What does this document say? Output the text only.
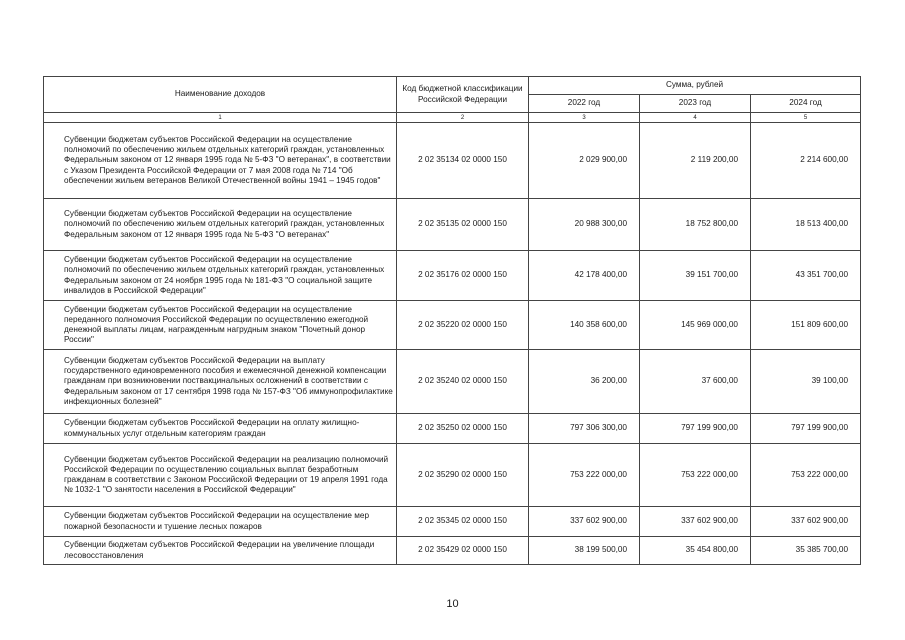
Наименование доходов	Код бюджетной классификации Российской Федерации	Сумма, рублей		
		2022 год	2023 год	2024 год
1	2	3	4	5
Субвенции бюджетам субъектов Российской Федерации на осуществление полномочий по обеспечению жильем отдельных категорий граждан, установленных Федеральным законом от 12 января 1995 года № 5-ФЗ "О ветеранах", в соответствии с Указом Президента Российской Федерации от 7 мая 2008 года № 714 "Об обеспечении жильем ветеранов Великой Отечественной войны 1941 – 1945 годов"	2 02 35134 02 0000 150	2 029 900,00	2 119 200,00	2 214 600,00
Субвенции бюджетам субъектов Российской Федерации на осуществление полномочий по обеспечению жильем отдельных категорий граждан, установленных Федеральным законом от 12 января 1995 года № 5-ФЗ "О ветеранах"	2 02 35135 02 0000 150	20 988 300,00	18 752 800,00	18 513 400,00
Субвенции бюджетам субъектов Российской Федерации на осуществление полномочий по обеспечению жильем отдельных категорий граждан, установленных Федеральным законом от 24 ноября 1995 года № 181-ФЗ "О социальной защите инвалидов в Российской Федерации"	2 02 35176 02 0000 150	42 178 400,00	39 151 700,00	43 351 700,00
Субвенции бюджетам субъектов Российской Федерации на осуществление переданного полномочия Российской Федерации по осуществлению ежегодной денежной выплаты лицам, награжденным нагрудным знаком "Почетный донор России"	2 02 35220 02 0000 150	140 358 600,00	145 969 000,00	151 809 600,00
Субвенции бюджетам субъектов Российской Федерации на выплату государственного единовременного пособия и ежемесячной денежной компенсации гражданам при возникновении поствакцинальных осложнений в соответствии с Федеральным законом от 17 сентября 1998 года № 157-ФЗ "Об иммунопрофилактике инфекционных болезней"	2 02 35240 02 0000 150	36 200,00	37 600,00	39 100,00
Субвенции бюджетам субъектов Российской Федерации на оплату жилищно-коммунальных услуг отдельным категориям граждан	2 02 35250 02 0000 150	797 306 300,00	797 199 900,00	797 199 900,00
Субвенции бюджетам субъектов Российской Федерации на реализацию полномочий Российской Федерации по осуществлению социальных выплат безработным гражданам в соответствии с Законом Российской Федерации от 19 апреля 1991 года № 1032-1 "О занятости населения в Российской Федерации"	2 02 35290 02 0000 150	753 222 000,00	753 222 000,00	753 222 000,00
Субвенции бюджетам субъектов Российской Федерации на осуществление мер пожарной безопасности и тушение лесных пожаров	2 02 35345 02 0000 150	337 602 900,00	337 602 900,00	337 602 900,00
Субвенции бюджетам субъектов Российской Федерации на увеличение площади лесовосстановления	2 02 35429 02 0000 150	38 199 500,00	35 454 800,00	35 385 700,00
10
